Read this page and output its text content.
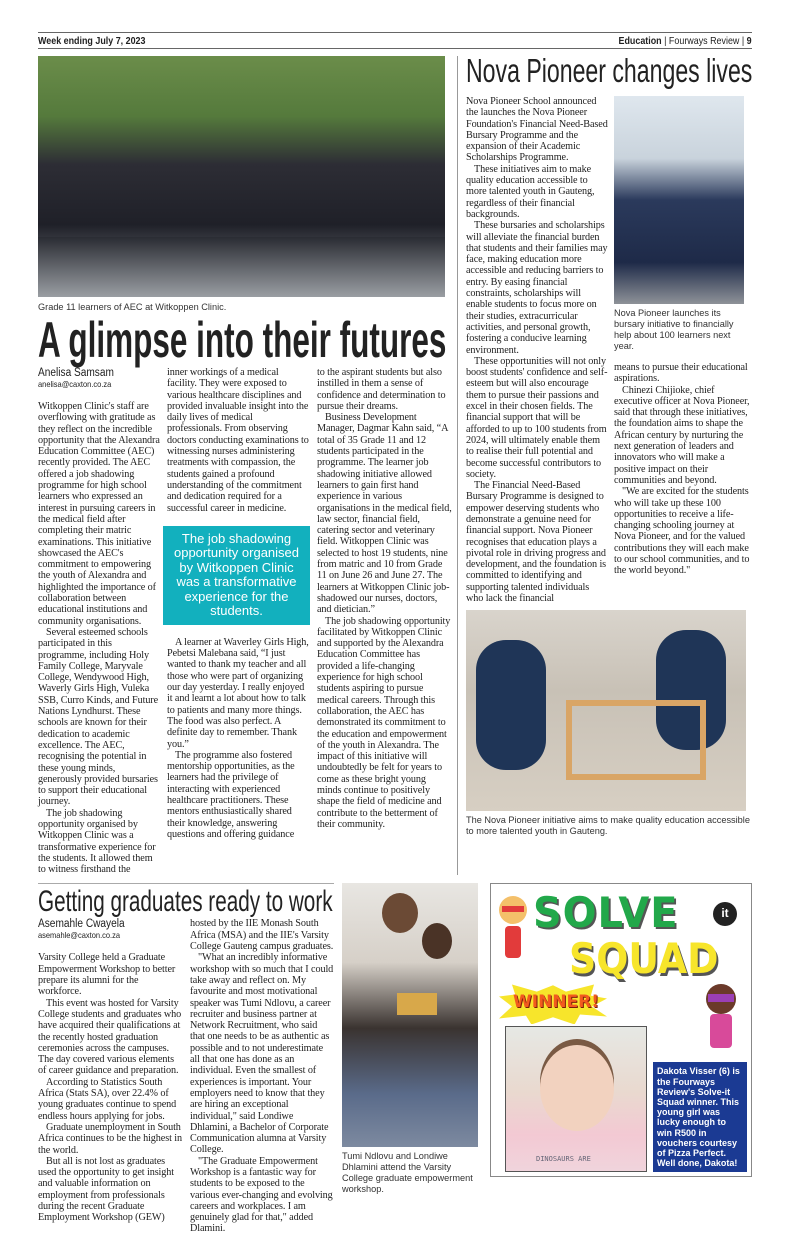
Week ending July 7, 2023	Education | Fourways Review | 9
Grade 11 learners of AEC at Witkoppen Clinic.
A glimpse into their futures
Anelisa Samsam
anelisa@caxton.co.za

Witkoppen Clinic's staff are overflowing with gratitude as they reflect on the incredible opportunity that the Alexandra Education Committee (AEC) recently provided. The AEC offered a job shadowing programme for high school learners who expressed an interest in pursuing careers in the medical field after completing their matric examinations. This initiative showcased the AEC's commitment to empowering the youth of Alexandra and highlighted the importance of collaboration between educational institutions and community organisations.

Several esteemed schools participated in this programme, including Holy Family College, Maryvale College, Wendywood High, Waverly Girls High, Vuleka SSB, Curro Kinds, and Future Nations Lyndhurst. These schools are known for their dedication to academic excellence. The AEC, recognising the potential in these young minds, generously provided bursaries to support their educational journey.

The job shadowing opportunity organised by Witkoppen Clinic was a transformative experience for the students. It allowed them to witness firsthand the

inner workings of a medical facility. They were exposed to various healthcare disciplines and provided invaluable insight into the daily lives of medical professionals. From observing doctors conducting examinations to witnessing nurses administering treatments with compassion, the students gained a profound understanding of the commitment and dedication required for a successful career in medicine.

The job shadowing opportunity organised by Witkoppen Clinic was a transformative experience for the students.

A learner at Waverley Girls High, Pebetsi Malebana said, “I just wanted to thank my teacher and all those who were part of organizing our day yesterday. I really enjoyed it and learnt a lot about how to talk to patients and many more things. The food was also perfect. A definite day to remember. Thank you.”

The programme also fostered mentorship opportunities, as the learners had the privilege of interacting with experienced healthcare practitioners. These mentors enthusiastically shared their knowledge, answering questions and offering guidance

to the aspirant students but also instilled in them a sense of confidence and determination to pursue their dreams.

Business Development Manager, Dagmar Kahn said, “A total of 35 Grade 11 and 12 students participated in the programme. The learner job shadowing initiative allowed learners to gain first hand experience in various organisations in the medical field, law sector, financial field, catering sector and veterinary field. Witkoppen Clinic was selected to host 19 students, nine from matric and 10 from Grade 11 on June 26 and June 27. The learners at Witkoppen Clinic job-shadowed our nurses, doctors, and dietician.”

The job shadowing opportunity facilitated by Witkoppen Clinic and supported by the Alexandra Education Committee has provided a life-changing experience for high school students aspiring to pursue medical careers. Through this collaboration, the AEC has demonstrated its commitment to the education and empowerment of the youth in Alexandra. The impact of this initiative will undoubtedly be felt for years to come as these bright young minds continue to positively shape the field of medicine and contribute to the betterment of their community.

Nova Pioneer changes lives

Nova Pioneer School announced the launches the Nova Pioneer Foundation's Financial Need-Based Bursary Programme and the expansion of their Academic Scholarships Programme.

These initiatives aim to make quality education accessible to more talented youth in Gauteng, regardless of their financial backgrounds.

These bursaries and scholarships will alleviate the financial burden that students and their families may face, making education more accessible and reducing barriers to entry. By easing financial constraints, scholarships will enable students to focus more on their studies, extracurricular activities, and personal growth, fostering a conducive learning environment.

These opportunities will not only boost students' confidence and self-esteem but will also encourage them to pursue their passions and excel in their chosen fields. The financial support that will be afforded to up to 100 students from 2024, will ultimately enable them to realise their full potential and become successful contributors to society.

The Financial Need-Based Bursary Programme is designed to empower deserving students who demonstrate a genuine need for financial support. Nova Pioneer recognises that education plays a pivotal role in driving progress and development, and the foundation is committed to identifying and supporting talented individuals who lack the financial

Nova Pioneer launches its bursary initiative to financially help about 100 learners next year.

means to pursue their educational aspirations.

Chinezi Chijioke, chief executive officer at Nova Pioneer, said that through these initiatives, the foundation aims to shape the African century by nurturing the next generation of leaders and innovators who will make a positive impact on their communities and beyond.

"We are excited for the students who will take up these 100 opportunities to receive a life-changing schooling journey at Nova Pioneer, and for the valued contributions they will each make to our school communities, and to the world beyond."

The Nova Pioneer initiative aims to make quality education accessible to more talented youth in Gauteng.
Getting graduates ready to work
Asemahle Cwayela
asemahle@caxton.co.za

Varsity College held a Graduate Empowerment Workshop to better prepare its alumni for the workforce.

This event was hosted for Varsity College students and graduates who have acquired their qualifications at the recently hosted graduation ceremonies across the campuses. The day covered various elements of career guidance and preparation.

According to Statistics South Africa (Stats SA), over 22.4% of young graduates continue to spend endless hours applying for jobs.

Graduate unemployment in South Africa continues to be the highest in the world.

But all is not lost as graduates used the opportunity to get insight and valuable information on employment from professionals during the recent Graduate Employment Workshop (GEW)

hosted by the IIE Monash South Africa (MSA) and the IIE's Varsity College Gauteng campus graduates.

"What an incredibly informative workshop with so much that I could take away and reflect on. My favourite and most motivational speaker was Tumi Ndlovu, a career recruiter and business partner at Network Recruitment, who said that one needs to be as authentic as possible and to not underestimate all that one has done as an individual. Even the smallest of experiences is important. Your employers need to know that they are hiring an exceptional individual," said Londiwe Dhlamini, a Bachelor of Corporate Communication alumna at Varsity College.

"The Graduate Empowerment Workshop is a fantastic way for students to be exposed to the various ever-changing and evolving careers and workplaces. I am genuinely glad for that," added Dlamini.

Tumi Ndlovu and Londiwe Dhlamini attend the Varsity College graduate empowerment workshop.
SOLVE	it
SQUAD
WINNER!
DINOSAURS ARE
Dakota Visser (6) is the Fourways Review's Solve-it Squad winner. This young girl was lucky enough to win R500 in vouchers courtesy of Pizza Perfect. Well done, Dakota!
